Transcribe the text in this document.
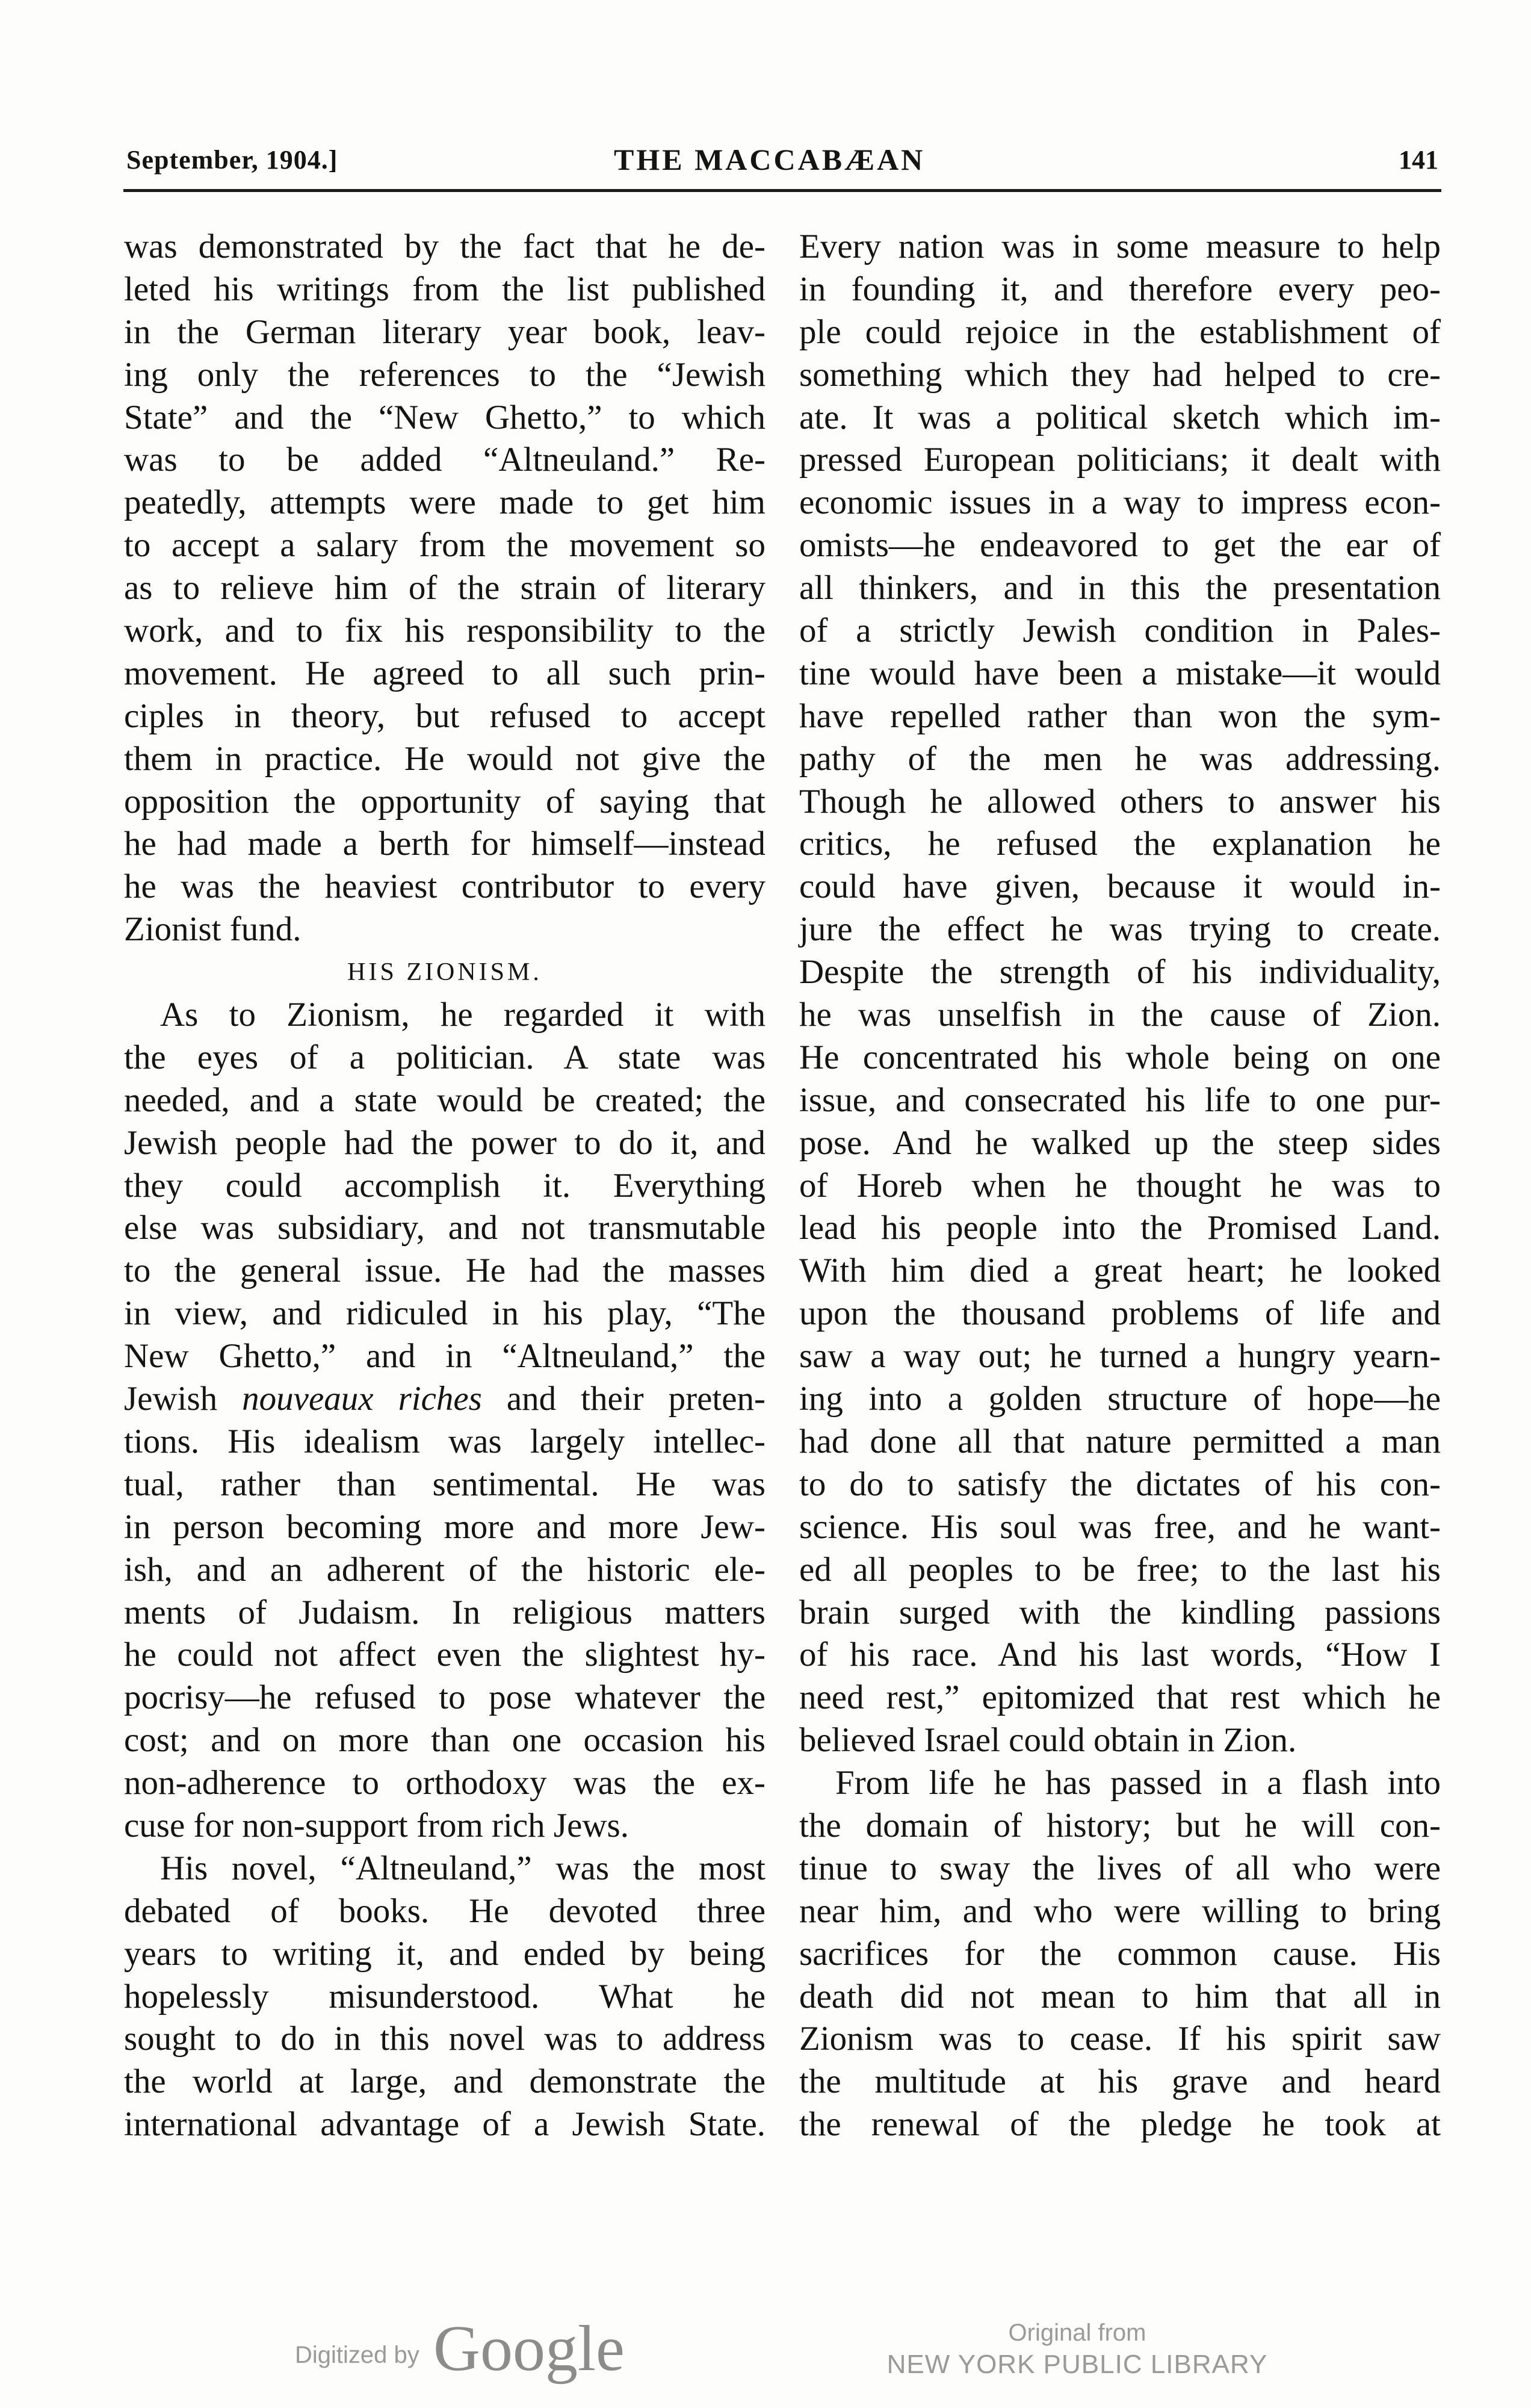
September, 1904.]	THE MACCABÆAN	141
was demonstrated by the fact that he de-
leted his writings from the list published
in the German literary year book, leav-
ing only the references to the “Jewish
State” and the “New Ghetto,” to which
was to be added “Altneuland.” Re-
peatedly, attempts were made to get him
to accept a salary from the movement so
as to relieve him of the strain of literary
work, and to fix his responsibility to the
movement. He agreed to all such prin-
ciples in theory, but refused to accept
them in practice. He would not give the
opposition the opportunity of saying that
he had made a berth for himself—instead
he was the heaviest contributor to every
Zionist fund.
HIS ZIONISM.
As to Zionism, he regarded it with
the eyes of a politician. A state was
needed, and a state would be created; the
Jewish people had the power to do it, and
they could accomplish it. Everything
else was subsidiary, and not transmutable
to the general issue. He had the masses
in view, and ridiculed in his play, “The
New Ghetto,” and in “Altneuland,” the
Jewish nouveaux riches and their preten-
tions. His idealism was largely intellec-
tual, rather than sentimental. He was
in person becoming more and more Jew-
ish, and an adherent of the historic ele-
ments of Judaism. In religious matters
he could not affect even the slightest hy-
pocrisy—he refused to pose whatever the
cost; and on more than one occasion his
non-adherence to orthodoxy was the ex-
cuse for non-support from rich Jews.
His novel, “Altneuland,” was the most
debated of books. He devoted three
years to writing it, and ended by being
hopelessly misunderstood. What he
sought to do in this novel was to address
the world at large, and demonstrate the
international advantage of a Jewish State.
Every nation was in some measure to help
in founding it, and therefore every peo-
ple could rejoice in the establishment of
something which they had helped to cre-
ate. It was a political sketch which im-
pressed European politicians; it dealt with
economic issues in a way to impress econ-
omists—he endeavored to get the ear of
all thinkers, and in this the presentation
of a strictly Jewish condition in Pales-
tine would have been a mistake—it would
have repelled rather than won the sym-
pathy of the men he was addressing.
Though he allowed others to answer his
critics, he refused the explanation he
could have given, because it would in-
jure the effect he was trying to create.
Despite the strength of his individuality,
he was unselfish in the cause of Zion.
He concentrated his whole being on one
issue, and consecrated his life to one pur-
pose. And he walked up the steep sides
of Horeb when he thought he was to
lead his people into the Promised Land.
With him died a great heart; he looked
upon the thousand problems of life and
saw a way out; he turned a hungry yearn-
ing into a golden structure of hope—he
had done all that nature permitted a man
to do to satisfy the dictates of his con-
science. His soul was free, and he want-
ed all peoples to be free; to the last his
brain surged with the kindling passions
of his race. And his last words, “How I
need rest,” epitomized that rest which he
believed Israel could obtain in Zion.
From life he has passed in a flash into
the domain of history; but he will con-
tinue to sway the lives of all who were
near him, and who were willing to bring
sacrifices for the common cause. His
death did not mean to him that all in
Zionism was to cease. If his spirit saw
the multitude at his grave and heard
the renewal of the pledge he took at
Digitized by Google	Original from
NEW YORK PUBLIC LIBRARY
